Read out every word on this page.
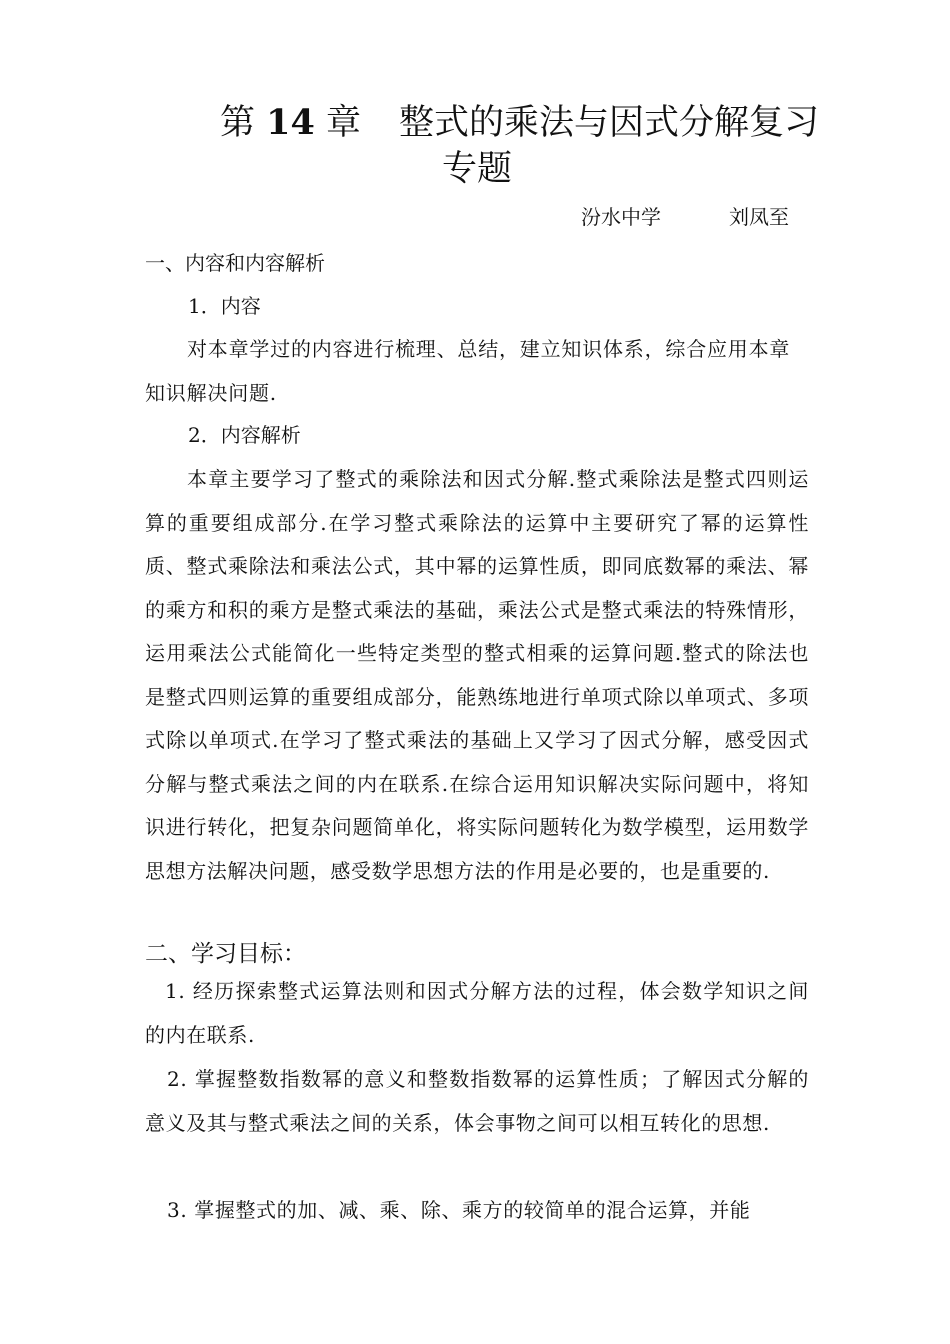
第 14 章 整式的乘法与因式分解复习
专题
汾水中学	刘凤至
一、内容和内容解析
1．内容
对本章学过的内容进行梳理、总结，建立知识体系，综合应用本章知识解决问题.
2．内容解析
本章主要学习了整式的乘除法和因式分解.整式乘除法是整式四则运算的重要组成部分.在学习整式乘除法的运算中主要研究了幂的运算性质、整式乘除法和乘法公式，其中幂的运算性质，即同底数幂的乘法、幂的乘方和积的乘方是整式乘法的基础，乘法公式是整式乘法的特殊情形，运用乘法公式能简化一些特定类型的整式相乘的运算问题.整式的除法也是整式四则运算的重要组成部分，能熟练地进行单项式除以单项式、多项式除以单项式.在学习了整式乘法的基础上又学习了因式分解，感受因式分解与整式乘法之间的内在联系.在综合运用知识解决实际问题中，将知识进行转化，把复杂问题简单化，将实际问题转化为数学模型，运用数学思想方法解决问题，感受数学思想方法的作用是必要的，也是重要的.
二、学习目标：
1. 经历探索整式运算法则和因式分解方法的过程，体会数学知识之间的内在联系.
2. 掌握整数指数幂的意义和整数指数幂的运算性质；了解因式分解的意义及其与整式乘法之间的关系，体会事物之间可以相互转化的思想.
3. 掌握整式的加、减、乘、除、乘方的较简单的混合运算，并能
